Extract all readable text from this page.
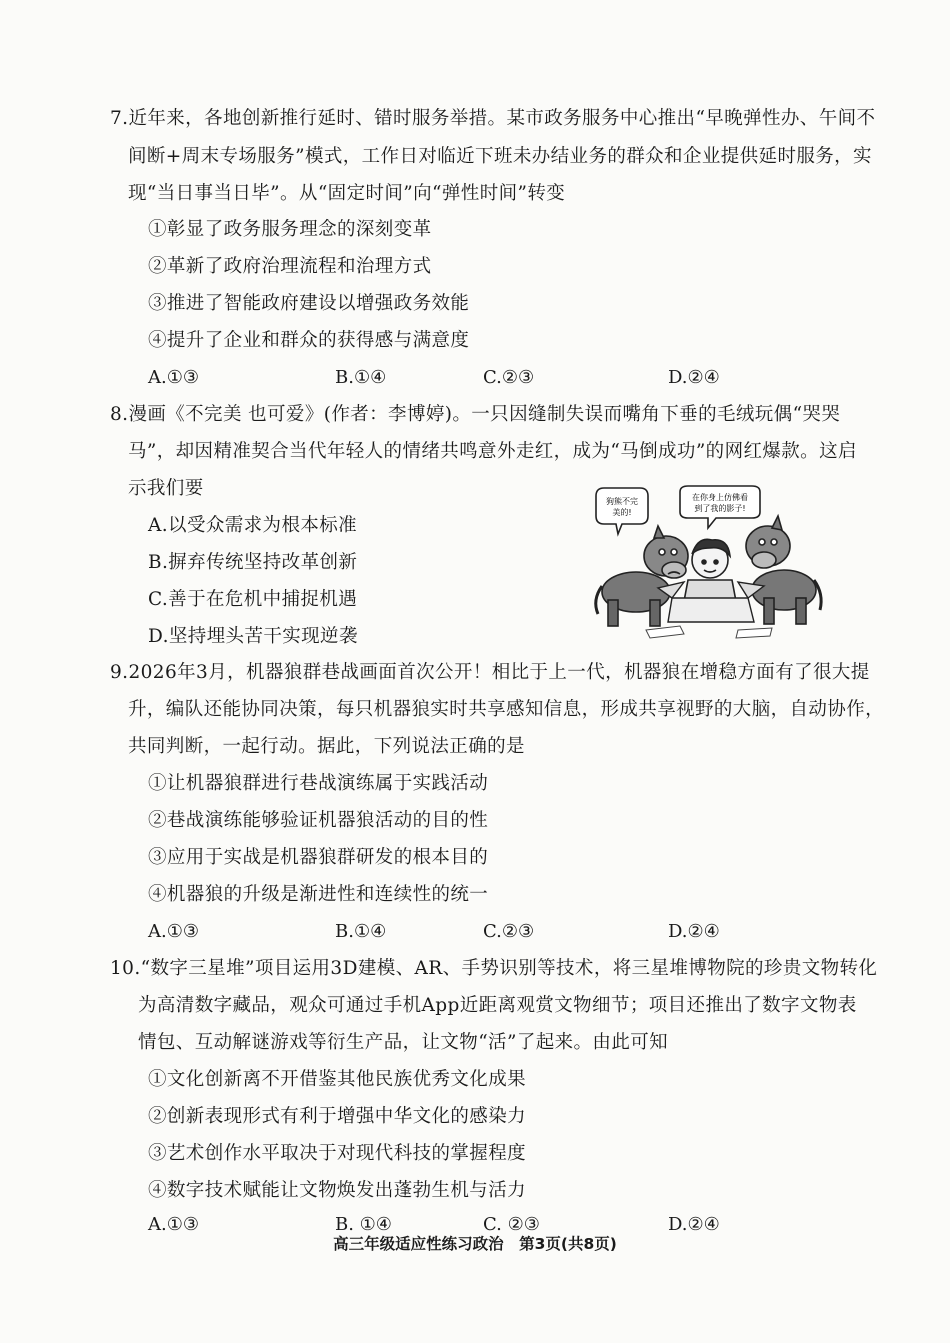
7.近年来，各地创新推行延时、错时服务举措。某市政务服务中心推出“早晚弹性办、午间不
间断+周末专场服务”模式，工作日对临近下班未办结业务的群众和企业提供延时服务，实
现“当日事当日毕”。从“固定时间”向“弹性时间”转变
①彰显了政务服务理念的深刻变革
②革新了政府治理流程和治理方式
③推进了智能政府建设以增强政务效能
④提升了企业和群众的获得感与满意度
A.①③	B.①④	C.②③	D.②④
8.漫画《不完美 也可爱》(作者：李博婷)。一只因缝制失误而嘴角下垂的毛绒玩偶“哭哭
马”，却因精准契合当代年轻人的情绪共鸣意外走红，成为“马倒成功”的网红爆款。这启
示我们要
A.以受众需求为根本标准
B.摒弃传统坚持改革创新
C.善于在危机中捕捉机遇
D.坚持埋头苦干实现逆袭
狗熊不完
美的!
在你身上仿佛看
到了我的影子!
9.2026年3月，机器狼群巷战画面首次公开！相比于上一代，机器狼在增稳方面有了很大提
升，编队还能协同决策，每只机器狼实时共享感知信息，形成共享视野的大脑，自动协作，
共同判断，一起行动。据此，下列说法正确的是
①让机器狼群进行巷战演练属于实践活动
②巷战演练能够验证机器狼活动的目的性
③应用于实战是机器狼群研发的根本目的
④机器狼的升级是渐进性和连续性的统一
A.①③	B.①④	C.②③	D.②④
10.“数字三星堆”项目运用3D建模、AR、手势识别等技术，将三星堆博物院的珍贵文物转化
为高清数字藏品，观众可通过手机App近距离观赏文物细节；项目还推出了数字文物表
情包、互动解谜游戏等衍生产品，让文物“活”了起来。由此可知
①文化创新离不开借鉴其他民族优秀文化成果
②创新表现形式有利于增强中华文化的感染力
③艺术创作水平取决于对现代科技的掌握程度
④数字技术赋能让文物焕发出蓬勃生机与活力
A.①③	B. ①④	C. ②③	D.②④
高三年级适应性练习政治　第3页(共8页)
